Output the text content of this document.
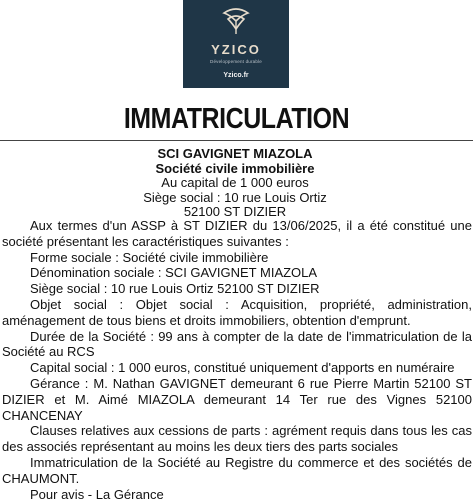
YZICO
Développement durable
Yzico.fr
IMMATRICULATION
SCI GAVIGNET MIAZOLA
Société civile immobilière
Au capital de 1 000 euros
Siège social : 10 rue Louis Ortiz
52100 ST DIZIER

Aux termes d'un ASSP à ST DIZIER du 13/06/2025, il a été constitué une société présentant les caractéristiques suivantes :

Forme sociale : Société civile immobilière

Dénomination sociale : SCI GAVIGNET MIAZOLA

Siège social : 10 rue Louis Ortiz 52100 ST DIZIER

Objet social : Objet social : Acquisition, propriété, administration, aménagement de tous biens et droits immobiliers, obtention d'emprunt.

Durée de la Société : 99 ans à compter de la date de l'immatriculation de la Société au RCS

Capital social : 1 000 euros, constitué uniquement d'apports en numéraire

Gérance : M. Nathan GAVIGNET demeurant 6 rue Pierre Martin 52100 ST DIZIER et M. Aimé MIAZOLA demeurant 14 Ter rue des Vignes 52100 CHANCENAY

Clauses relatives aux cessions de parts : agrément requis dans tous les cas des associés représentant au moins les deux tiers des parts sociales

Immatriculation de la Société au Registre du commerce et des sociétés de CHAUMONT.

Pour avis - La Gérance
